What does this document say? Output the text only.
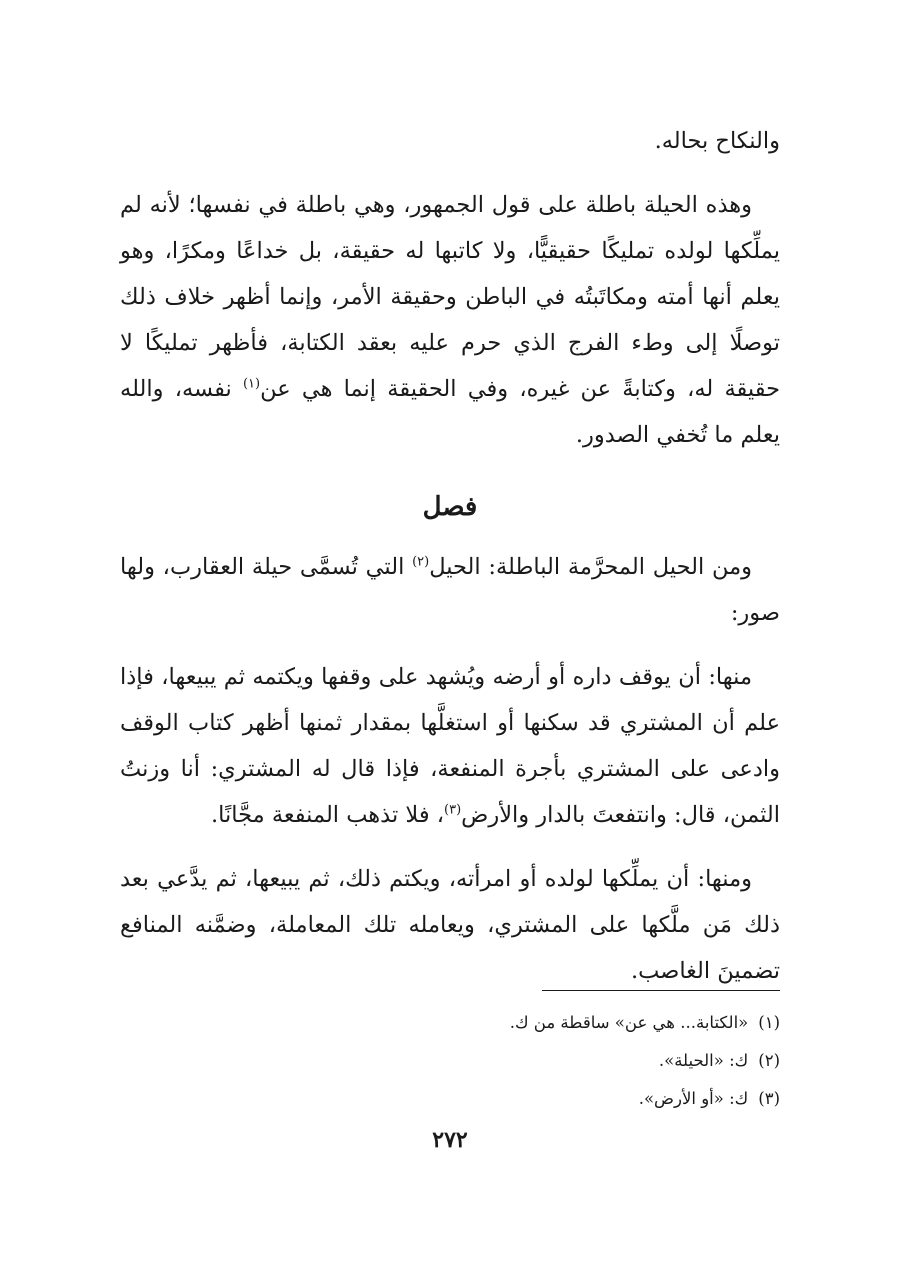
والنكاح بحاله.

وهذه الحيلة باطلة على قول الجمهور، وهي باطلة في نفسها؛ لأنه لم يملِّكها لولده تمليكًا حقيقيًّا، ولا كاتبها له حقيقة، بل خداعًا ومكرًا، وهو يعلم أنها أمته ومكاتَبتُه في الباطن وحقيقة الأمر، وإنما أظهر خلاف ذلك توصلًا إلى وطء الفرج الذي حرم عليه بعقد الكتابة، فأظهر تمليكًا لا حقيقة له، وكتابةً عن غيره، وفي الحقيقة إنما هي عن$^{(١)}$ نفسه، والله يعلم ما تُخفي الصدور.

فصل

ومن الحيل المحرَّمة الباطلة: الحيل$^{(٢)}$ التي تُسمَّى حيلة العقارب، ولها صور:

منها: أن يوقف داره أو أرضه ويُشهد على وقفها ويكتمه ثم يبيعها، فإذا علم أن المشتري قد سكنها أو استغلَّها بمقدار ثمنها أظهر كتاب الوقف وادعى على المشتري بأجرة المنفعة، فإذا قال له المشتري: أنا وزنتُ الثمن، قال: وانتفعتَ بالدار والأرض$^{(٣)}$، فلا تذهب المنفعة مجَّانًا.

ومنها: أن يملِّكها لولده أو امرأته، ويكتم ذلك، ثم يبيعها، ثم يدَّعي بعد ذلك مَن ملَّكها على المشتري، ويعامله تلك المعاملة، وضمَّنه المنافع تضمينَ الغاصب.

(١)«الكتابة... هي عن» ساقطة من ك.

(٢)ك: «الحيلة».

(٣)ك: «أو الأرض».

٢٧٢
